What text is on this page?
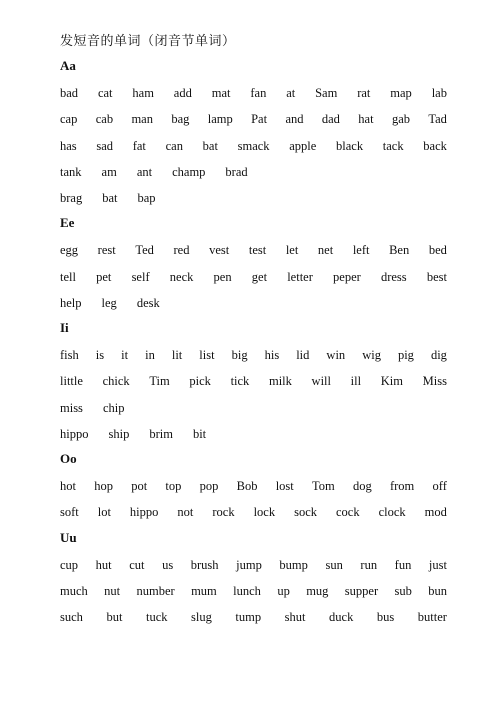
发短音的单词（闭音节单词）
Aa
bad cat ham add mat fan at Sam rat map lab
cap cab man bag lamp Pat and dad hat gab Tad
has sad fat can bat smack apple black tack back
tank am ant champ brad
brag bat bap
Ee
egg rest Ted red vest test let net left Ben bed
tell pet self neck pen get letter peper dress best
help leg desk
Ii
fish is it in lit list big his lid win wig pig dig
little chick Tim pick tick milk will ill Kim Miss
miss chip
hippo ship brim bit
Oo
hot hop pot top pop Bob lost Tom dog from off
soft lot hippo not rock lock sock cock clock mod
Uu
cup hut cut us brush jump bump sun run fun just
much nut number mum lunch up mug supper sub bun
such but tuck slug tump shut duck bus butter
